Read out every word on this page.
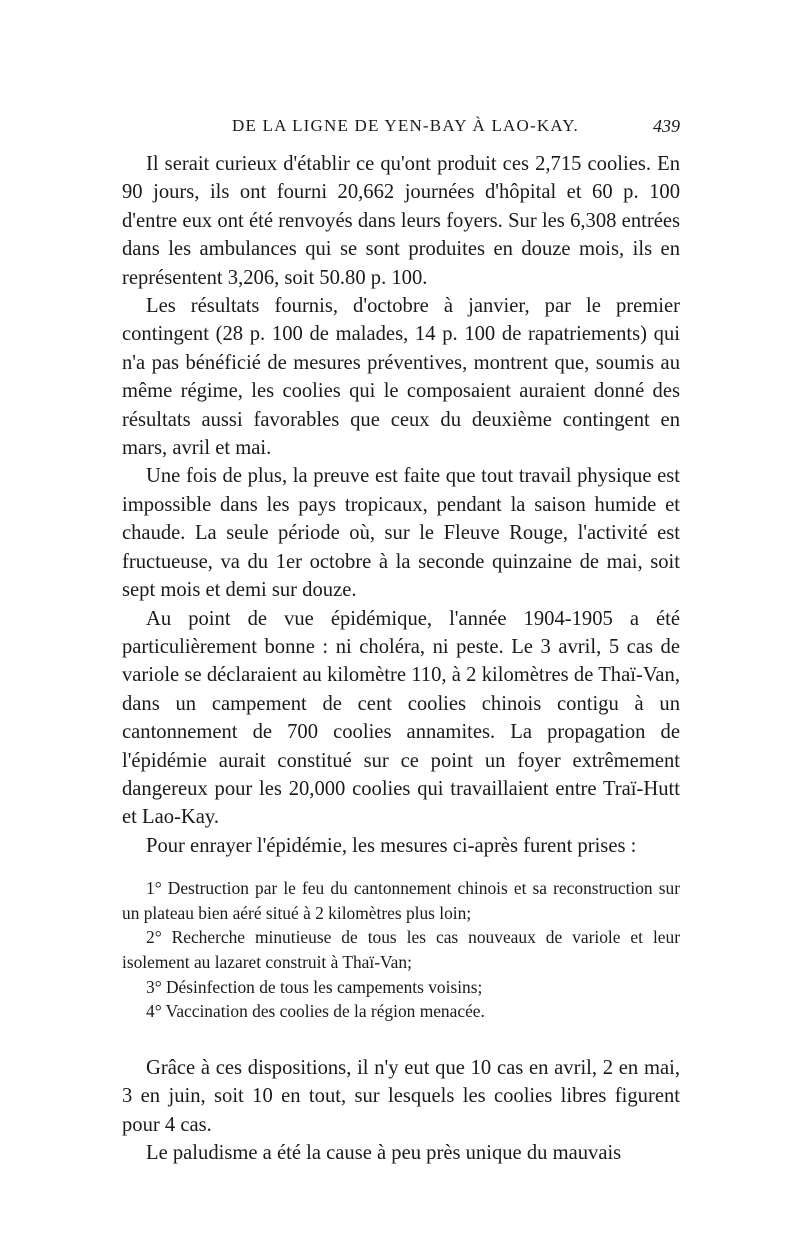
DE LA LIGNE DE YEN-BAY À LAO-KAY.	439

Il serait curieux d'établir ce qu'ont produit ces 2,715 coolies. En 90 jours, ils ont fourni 20,662 journées d'hôpital et 60 p. 100 d'entre eux ont été renvoyés dans leurs foyers. Sur les 6,308 entrées dans les ambulances qui se sont produites en douze mois, ils en représentent 3,206, soit 50.80 p. 100.

Les résultats fournis, d'octobre à janvier, par le premier contingent (28 p. 100 de malades, 14 p. 100 de rapatriements) qui n'a pas bénéficié de mesures préventives, montrent que, soumis au même régime, les coolies qui le composaient auraient donné des résultats aussi favorables que ceux du deuxième contingent en mars, avril et mai.

Une fois de plus, la preuve est faite que tout travail physique est impossible dans les pays tropicaux, pendant la saison humide et chaude. La seule période où, sur le Fleuve Rouge, l'activité est fructueuse, va du 1er octobre à la seconde quinzaine de mai, soit sept mois et demi sur douze.

Au point de vue épidémique, l'année 1904-1905 a été particulièrement bonne : ni choléra, ni peste. Le 3 avril, 5 cas de variole se déclaraient au kilomètre 110, à 2 kilomètres de Thaï-Van, dans un campement de cent coolies chinois contigu à un cantonnement de 700 coolies annamites. La propagation de l'épidémie aurait constitué sur ce point un foyer extrêmement dangereux pour les 20,000 coolies qui travaillaient entre Traï-Hutt et Lao-Kay.

Pour enrayer l'épidémie, les mesures ci-après furent prises :

1° Destruction par le feu du cantonnement chinois et sa reconstruction sur un plateau bien aéré situé à 2 kilomètres plus loin;

2° Recherche minutieuse de tous les cas nouveaux de variole et leur isolement au lazaret construit à Thaï-Van;

3° Désinfection de tous les campements voisins;

4° Vaccination des coolies de la région menacée.

Grâce à ces dispositions, il n'y eut que 10 cas en avril, 2 en mai, 3 en juin, soit 10 en tout, sur lesquels les coolies libres figurent pour 4 cas.

Le paludisme a été la cause à peu près unique du mauvais
